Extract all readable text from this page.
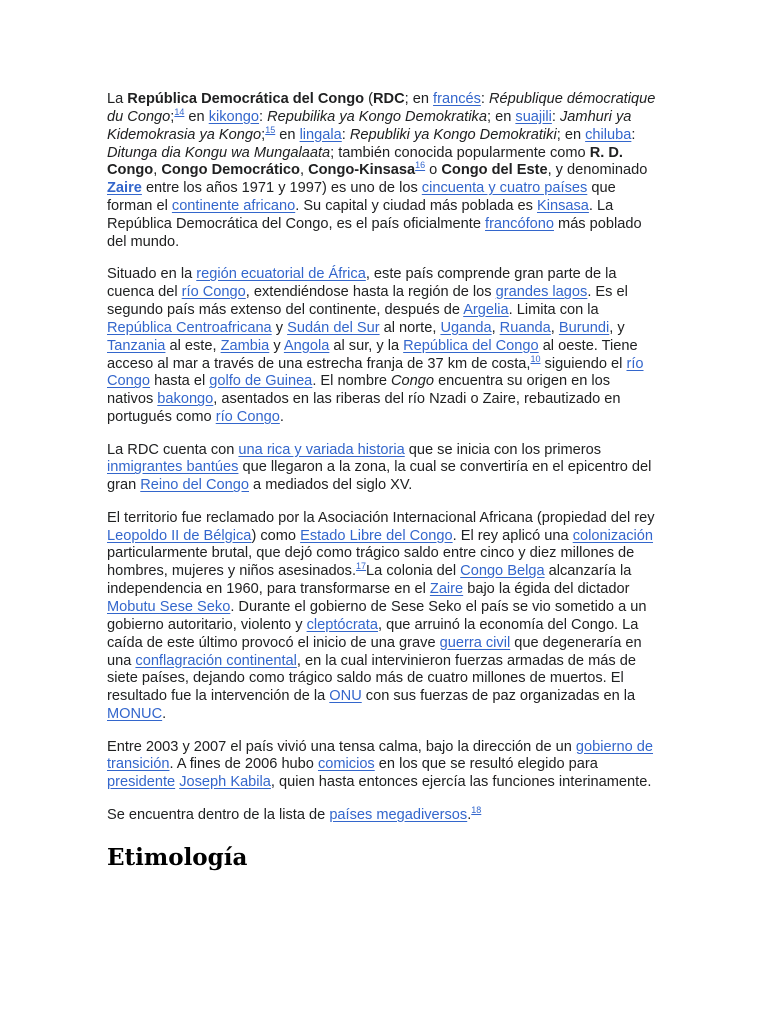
La República Democrática del Congo (RDC; en francés: République démocratique du Congo;$^{14}$ en kikongo: Repubilika ya Kongo Demokratika; en suajili: Jamhuri ya Kidemokrasia ya Kongo;$^{15}$ en lingala: Republiki ya Kongo Demokratiki; en chiluba: Ditunga dia Kongu wa Mungalaata; también conocida popularmente como R. D. Congo, Congo Democrático, Congo-Kinsasa$^{16}$ o Congo del Este, y denominado Zaire entre los años 1971 y 1997) es uno de los cincuenta y cuatro países que forman el continente africano. Su capital y ciudad más poblada es Kinsasa. La República Democrática del Congo, es el país oficialmente francófono más poblado del mundo.

Situado en la región ecuatorial de África, este país comprende gran parte de la cuenca del río Congo, extendiéndose hasta la región de los grandes lagos. Es el segundo país más extenso del continente, después de Argelia. Limita con la República Centroafricana y Sudán del Sur al norte, Uganda, Ruanda, Burundi, y Tanzania al este, Zambia y Angola al sur, y la República del Congo al oeste. Tiene acceso al mar a través de una estrecha franja de 37 km de costa,$^{10}$ siguiendo el río Congo hasta el golfo de Guinea. El nombre Congo encuentra su origen en los nativos bakongo, asentados en las riberas del río Nzadi o Zaire, rebautizado en portugués como río Congo.

La RDC cuenta con una rica y variada historia que se inicia con los primeros inmigrantes bantúes que llegaron a la zona, la cual se convertiría en el epicentro del gran Reino del Congo a mediados del siglo XV.

El territorio fue reclamado por la Asociación Internacional Africana (propiedad del rey Leopoldo II de Bélgica) como Estado Libre del Congo. El rey aplicó una colonización particularmente brutal, que dejó como trágico saldo entre cinco y diez millones de hombres, mujeres y niños asesinados.$^{17}$La colonia del Congo Belga alcanzaría la independencia en 1960, para transformarse en el Zaire bajo la égida del dictador Mobutu Sese Seko. Durante el gobierno de Sese Seko el país se vio sometido a un gobierno autoritario, violento y cleptócrata, que arruinó la economía del Congo. La caída de este último provocó el inicio de una grave guerra civil que degeneraría en una conflagración continental, en la cual intervinieron fuerzas armadas de más de siete países, dejando como trágico saldo más de cuatro millones de muertos. El resultado fue la intervención de la ONU con sus fuerzas de paz organizadas en la MONUC.

Entre 2003 y 2007 el país vivió una tensa calma, bajo la dirección de un gobierno de transición. A fines de 2006 hubo comicios en los que se resultó elegido para presidente Joseph Kabila, quien hasta entonces ejercía las funciones interinamente.

Se encuentra dentro de la lista de países megadiversos.$^{18}$

Etimología
